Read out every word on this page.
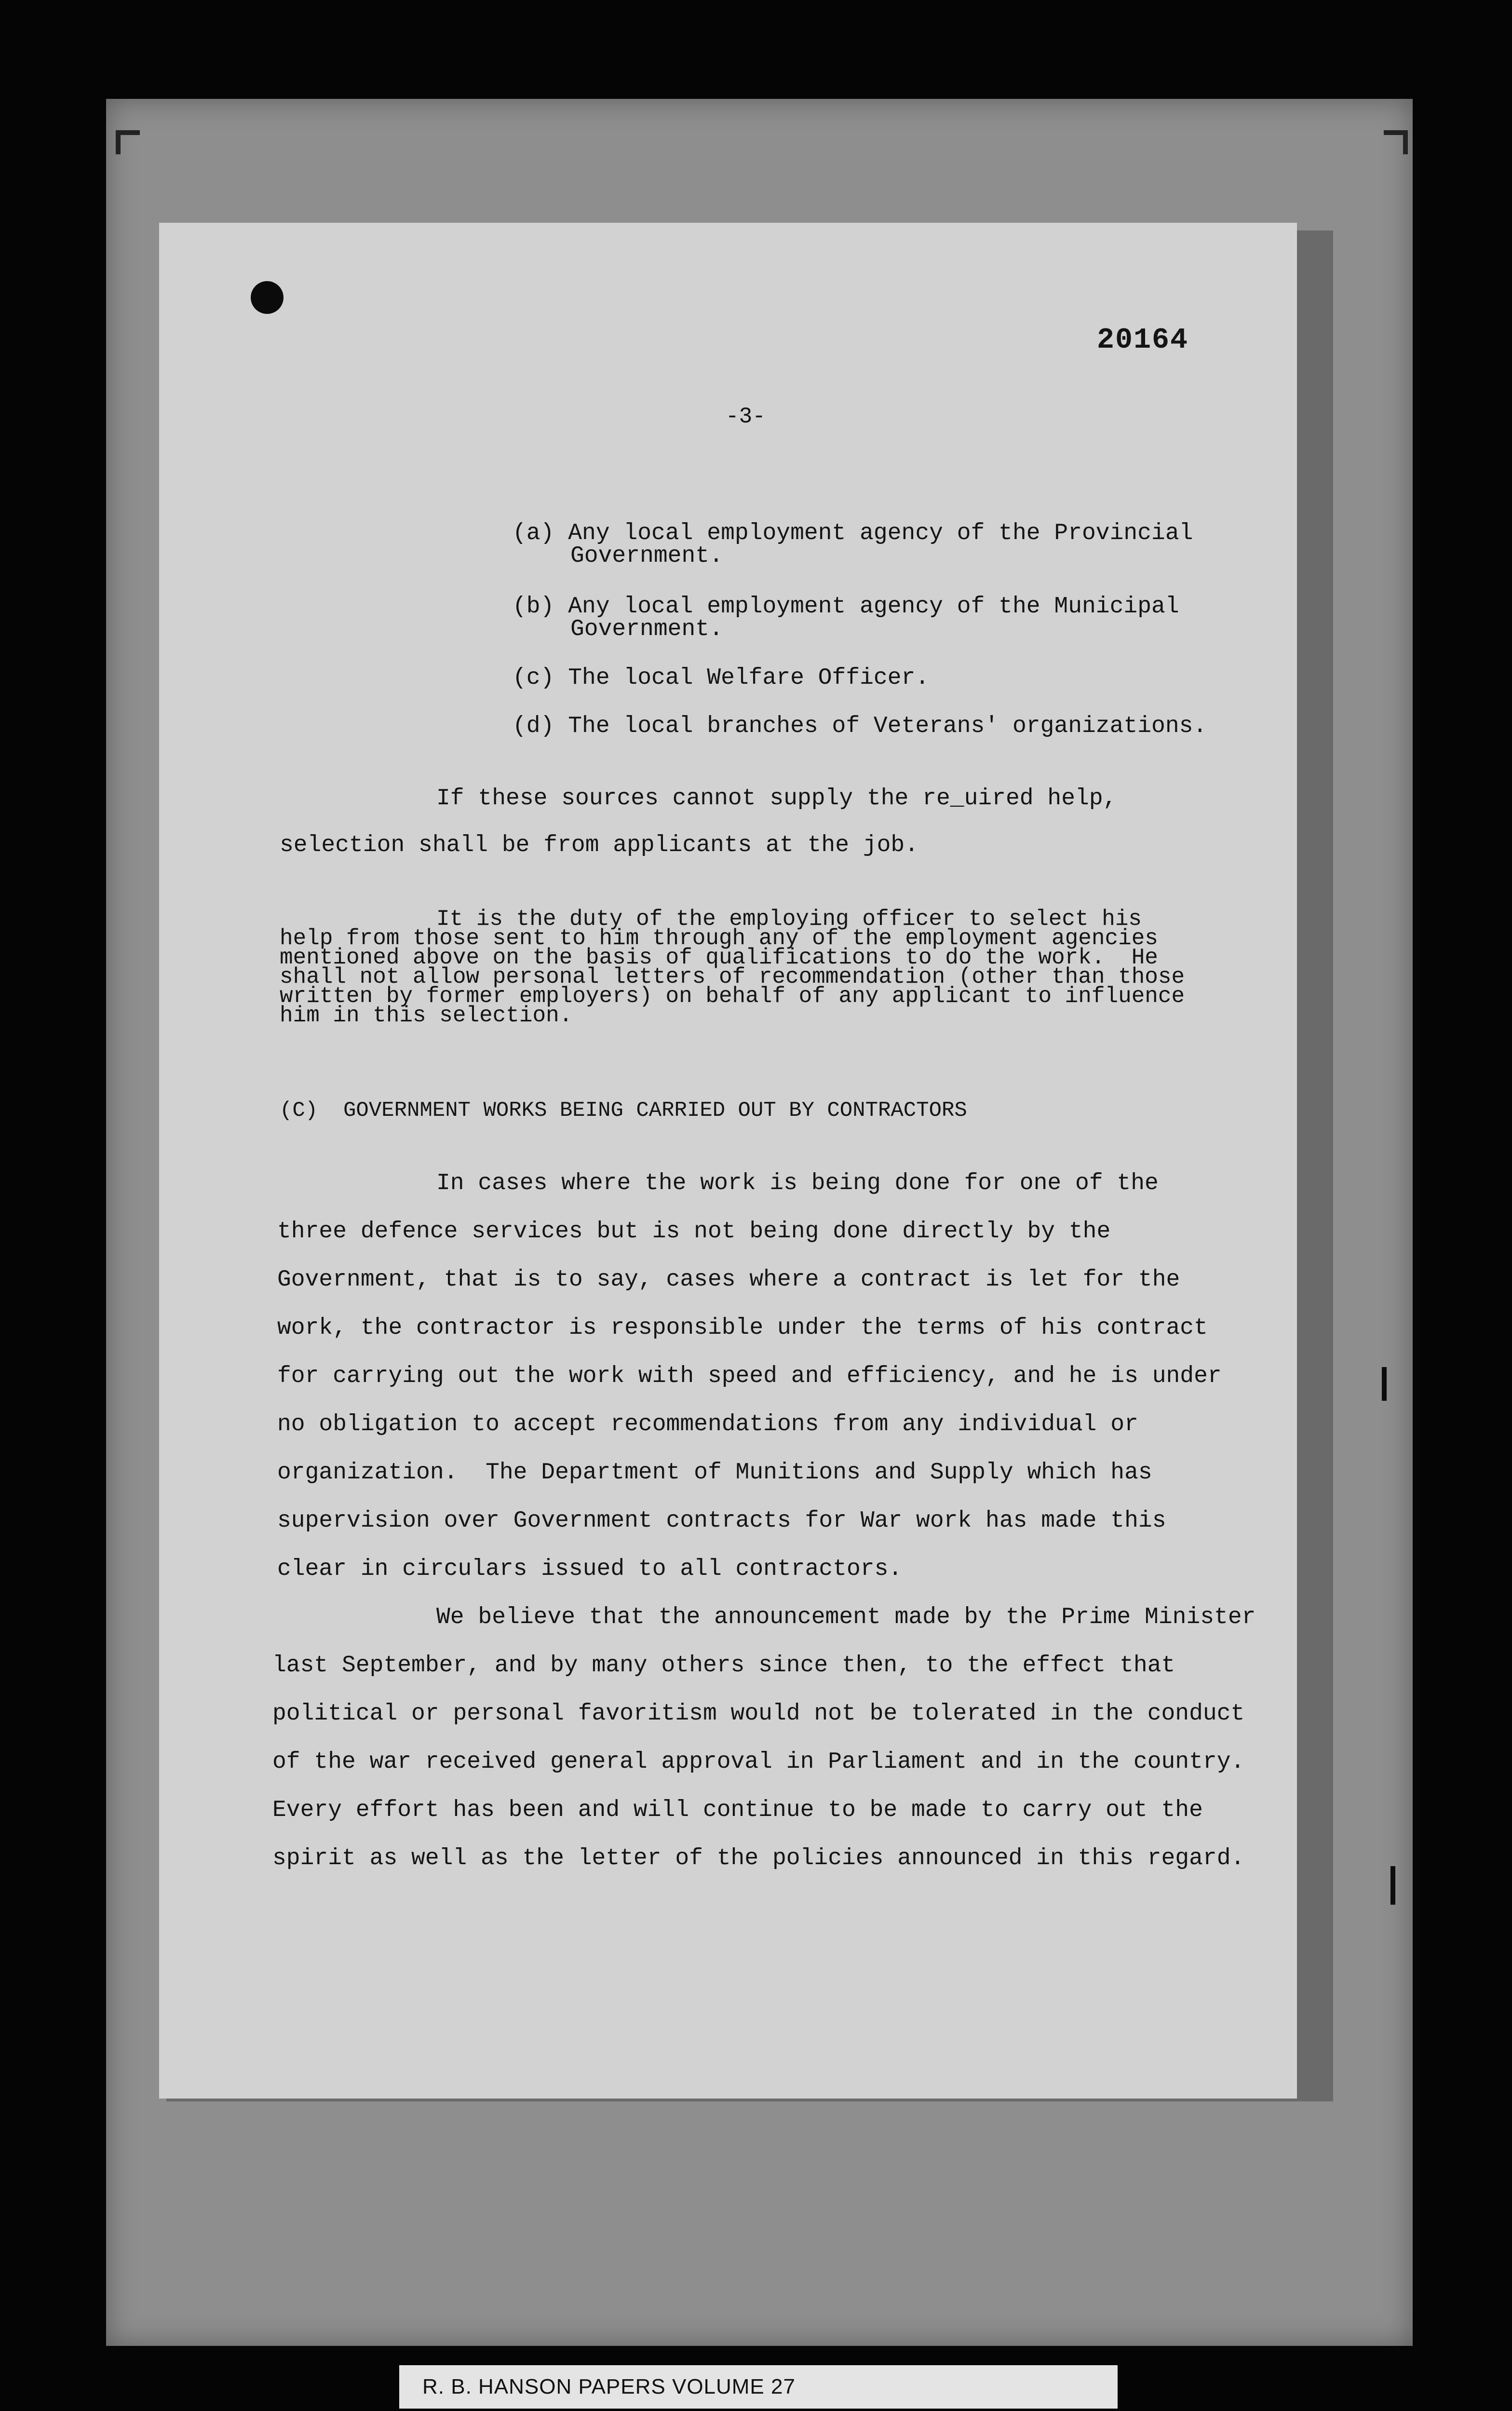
20164
-3-
(a) Any local employment agency of the Provincial
Government.
(b) Any local employment agency of the Municipal
Government.
(c) The local Welfare Officer.
(d) The local branches of Veterans' organizations.
If these sources cannot supply the re_uired help,
selection shall be from applicants at the job.
It is the duty of the employing officer to select his
help from those sent to him through any of the employment agencies
mentioned above on the basis of qualifications to do the work.  He
shall not allow personal letters of recommendation (other than those
written by former employers) on behalf of any applicant to influence
him in this selection.
(C)  GOVERNMENT WORKS BEING CARRIED OUT BY CONTRACTORS
In cases where the work is being done for one of the
three defence services but is not being done directly by the
Government, that is to say, cases where a contract is let for the
work, the contractor is responsible under the terms of his contract
for carrying out the work with speed and efficiency, and he is under
no obligation to accept recommendations from any individual or
organization.  The Department of Munitions and Supply which has
supervision over Government contracts for War work has made this
clear in circulars issued to all contractors.
We believe that the announcement made by the Prime Minister
last September, and by many others since then, to the effect that
political or personal favoritism would not be tolerated in the conduct
of the war received general approval in Parliament and in the country.
Every effort has been and will continue to be made to carry out the
spirit as well as the letter of the policies announced in this regard.
R. B. HANSON PAPERS VOLUME 27
